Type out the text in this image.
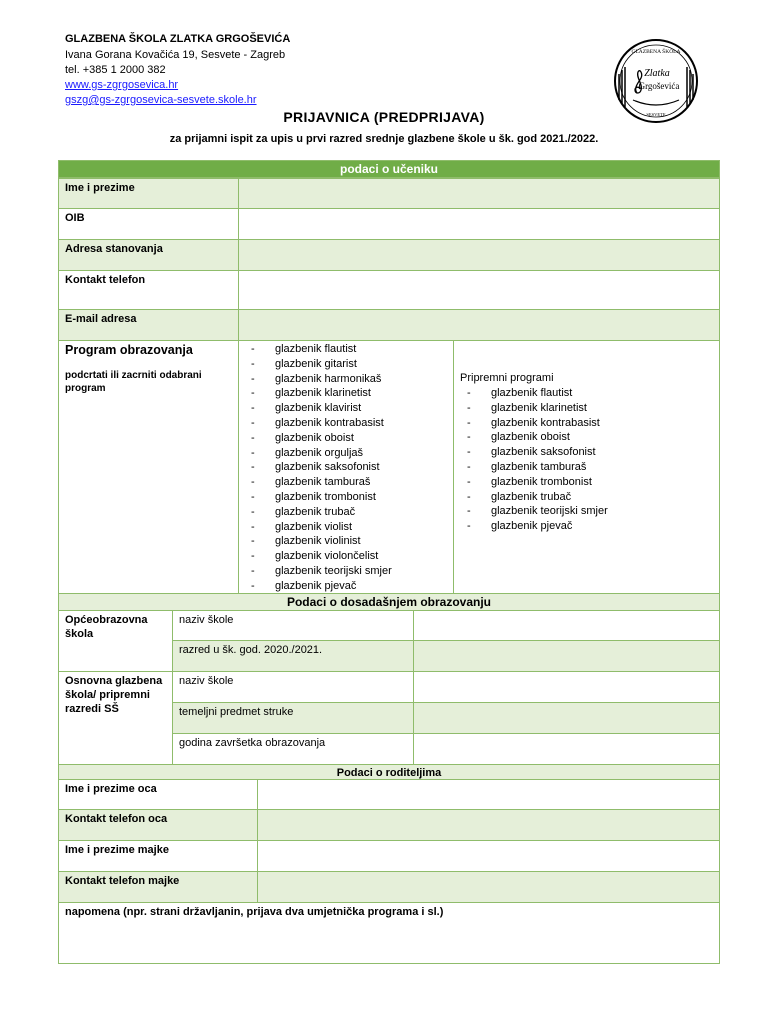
GLAZBENA ŠKOLA ZLATKA GRGOŠEVIĆA
Ivana Gorana Kovačića 19, Sesvete - Zagreb
tel. +385 1 2000 382
www.gs-zgrgosevica.hr
gszg@gs-zgrgosevica-sesvete.skole.hr
GLAZBENA ŠKOLA
Zlatka
Grgoševića
SESVETE
PRIJAVNICA (PREDPRIJAVA)
za prijamni ispit za upis u prvi razred srednje glazbene škole u šk. god 2021./2022.
podaci o učeniku
Ime i prezime
OIB
Adresa stanovanja
Kontakt telefon
E-mail adresa
Program obrazovanja
podcrtati ili zacrniti odabrani program
- glazbenik flautist
- glazbenik gitarist
- glazbenik harmonikaš
- glazbenik klarinetist
- glazbenik klavirist
- glazbenik kontrabasist
- glazbenik oboist
- glazbenik orguljaš
- glazbenik saksofonist
- glazbenik tamburaš
- glazbenik trombonist
- glazbenik trubač
- glazbenik violist
- glazbenik violinist
- glazbenik violončelist
- glazbenik teorijski smjer
- glazbenik pjevač
Pripremni programi
- glazbenik flautist
- glazbenik klarinetist
- glazbenik kontrabasist
- glazbenik oboist
- glazbenik saksofonist
- glazbenik tamburaš
- glazbenik trombonist
- glazbenik trubač
- glazbenik teorijski smjer
- glazbenik pjevač
Podaci o dosadašnjem obrazovanju
Općeobrazovna škola
naziv škole
razred u šk. god. 2020./2021.
Osnovna glazbena škola/ pripremni razredi SŠ
naziv škole
temeljni predmet struke
godina završetka obrazovanja
Podaci o roditeljima
Ime i prezime oca
Kontakt telefon oca
Ime i prezime majke
Kontakt telefon majke
napomena (npr. strani državljanin, prijava dva umjetnička programa i sl.)
